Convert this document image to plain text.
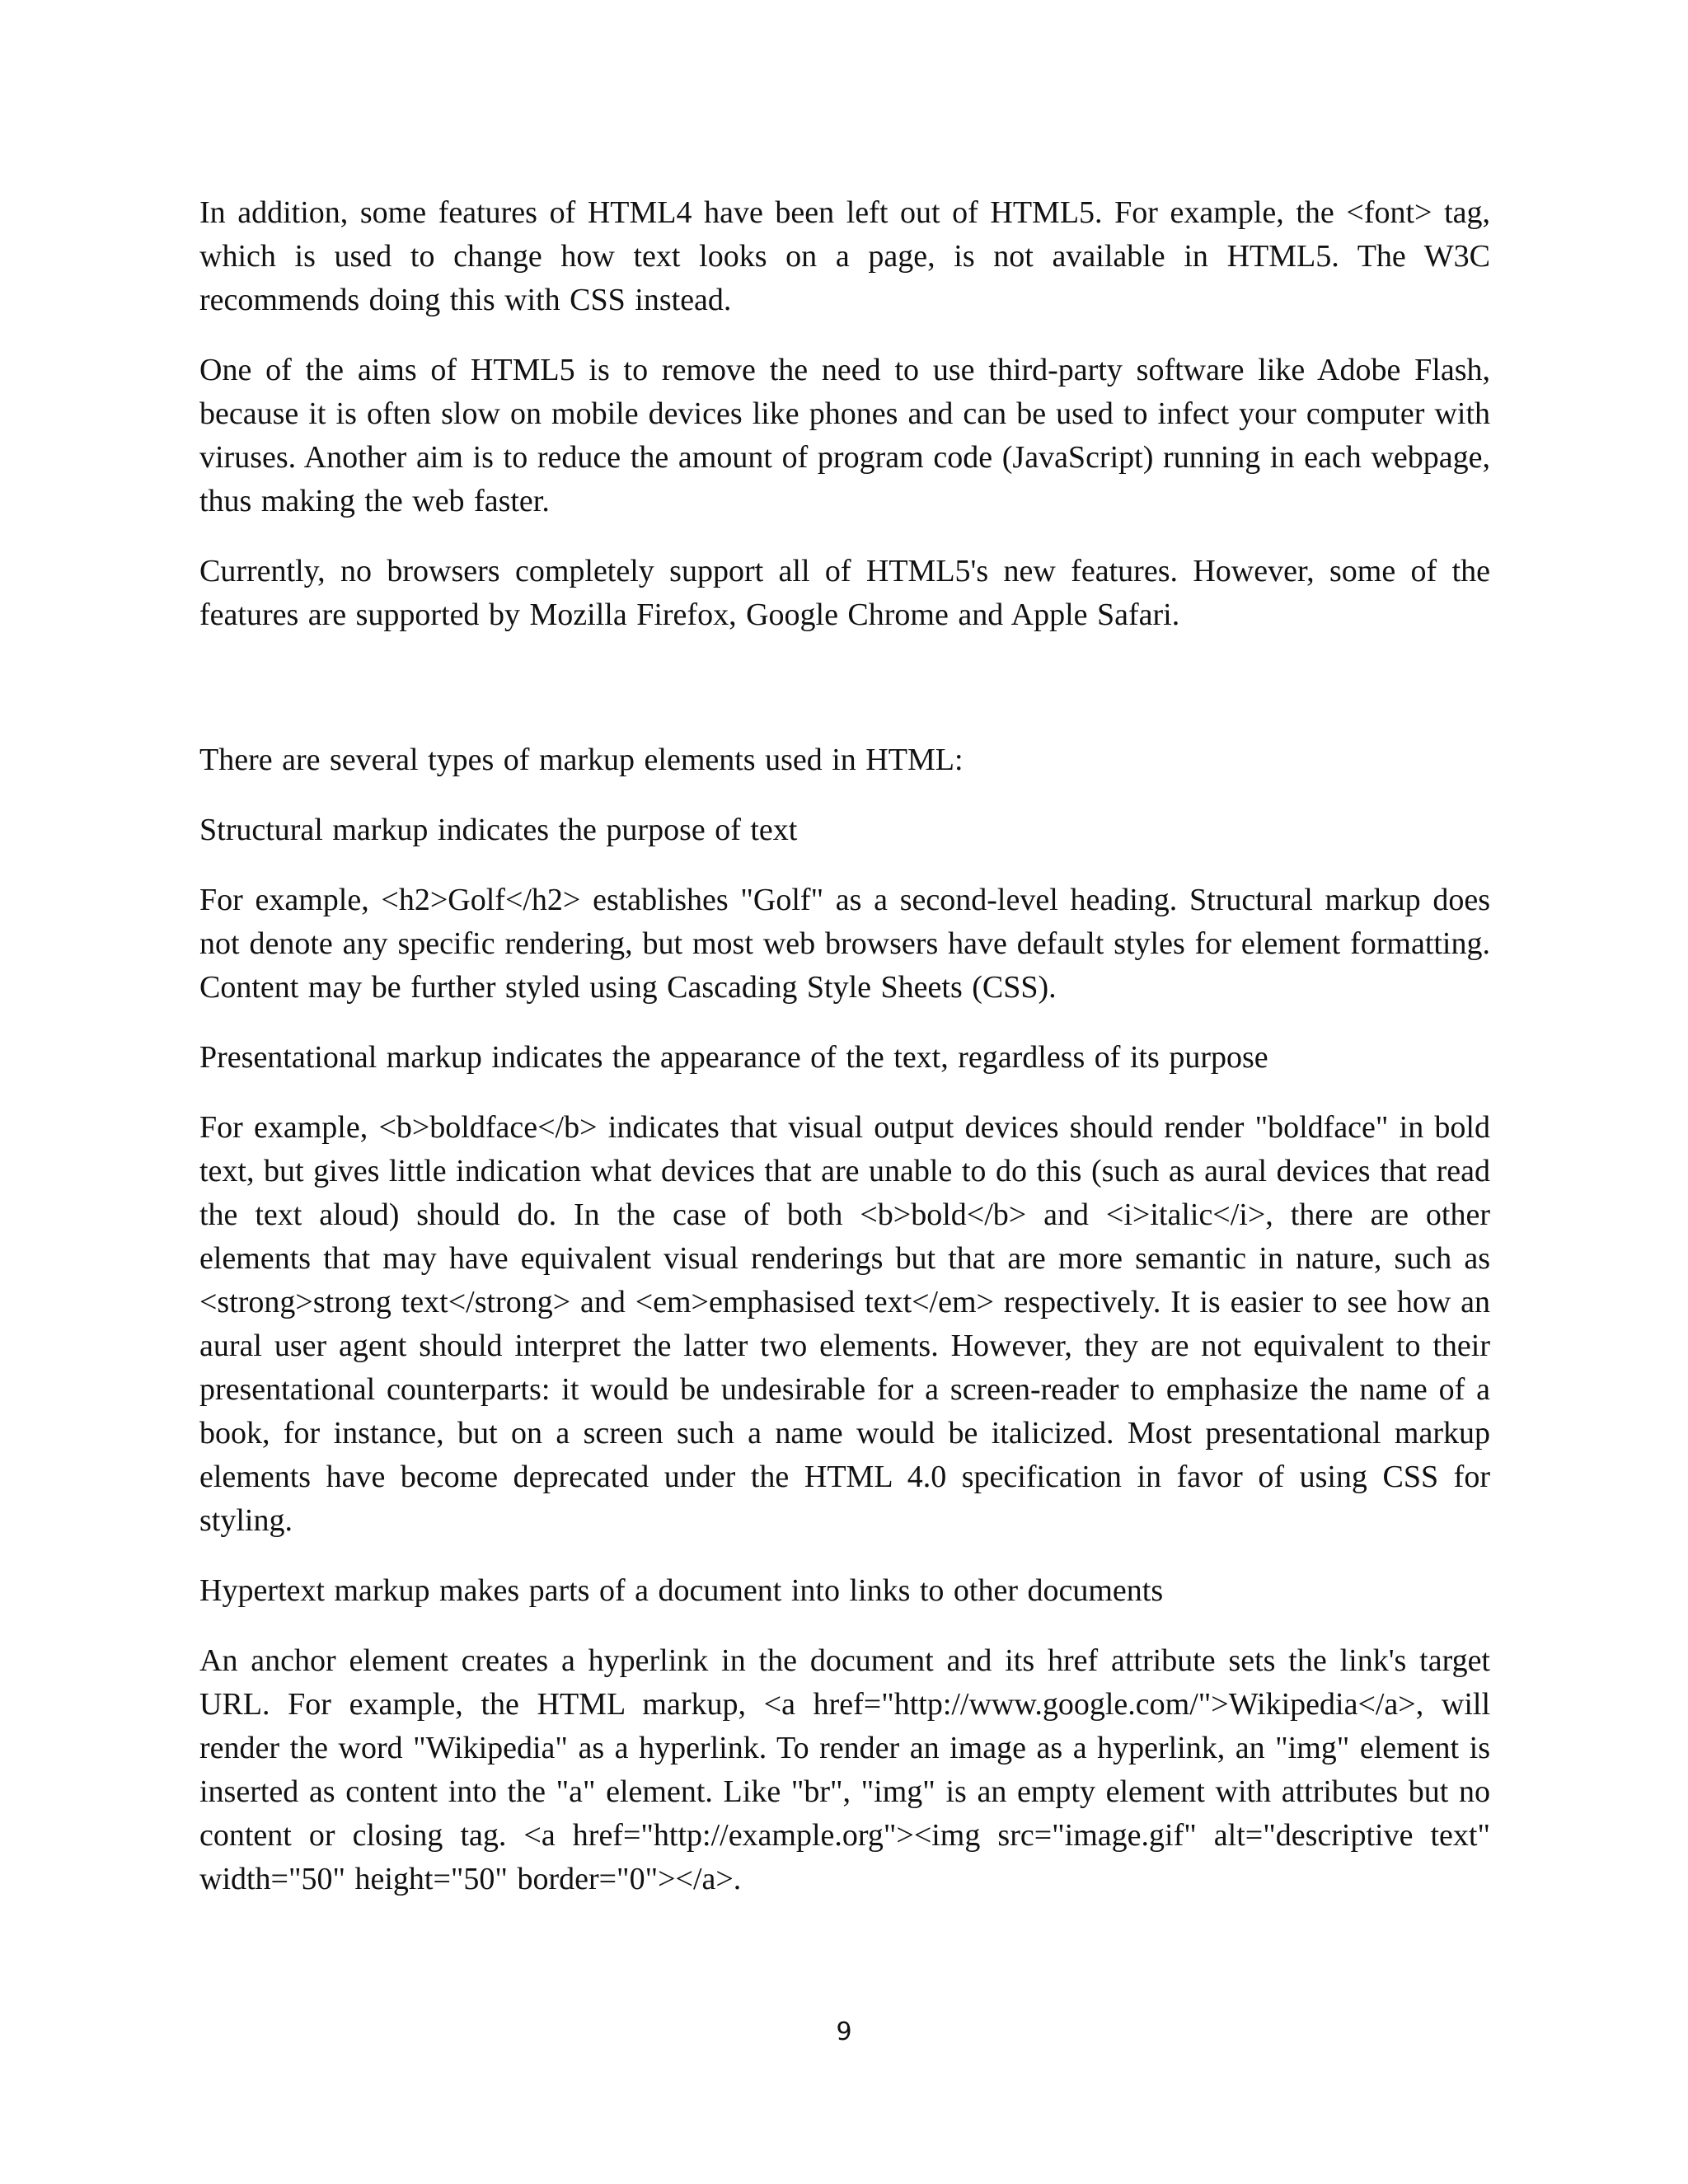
In addition, some features of HTML4 have been left out of HTML5. For example, the <font> tag, which is used to change how text looks on a page, is not available in HTML5. The W3C recommends doing this with CSS instead.

One of the aims of HTML5 is to remove the need to use third-party software like Adobe Flash, because it is often slow on mobile devices like phones and can be used to infect your computer with viruses. Another aim is to reduce the amount of program code (JavaScript) running in each webpage, thus making the web faster.

Currently, no browsers completely support all of HTML5's new features. However, some of the features are supported by Mozilla Firefox, Google Chrome and Apple Safari.

There are several types of markup elements used in HTML:

Structural markup indicates the purpose of text

For example, <h2>Golf</h2> establishes "Golf" as a second-level heading. Structural markup does not denote any specific rendering, but most web browsers have default styles for element formatting. Content may be further styled using Cascading Style Sheets (CSS).

Presentational markup indicates the appearance of the text, regardless of its purpose

For example, <b>boldface</b> indicates that visual output devices should render "boldface" in bold text, but gives little indication what devices that are unable to do this (such as aural devices that read the text aloud) should do. In the case of both <b>bold</b> and <i>italic</i>, there are other elements that may have equivalent visual renderings but that are more semantic in nature, such as <strong>strong text</strong> and <em>emphasised text</em> respectively. It is easier to see how an aural user agent should interpret the latter two elements. However, they are not equivalent to their presentational counterparts: it would be undesirable for a screen-reader to emphasize the name of a book, for instance, but on a screen such a name would be italicized. Most presentational markup elements have become deprecated under the HTML 4.0 specification in favor of using CSS for styling.

Hypertext markup makes parts of a document into links to other documents

An anchor element creates a hyperlink in the document and its href attribute sets the link's target URL. For example, the HTML markup, <a href="http://www.google.com/">Wikipedia</a>, will render the word "Wikipedia" as a hyperlink. To render an image as a hyperlink, an "img" element is inserted as content into the "a" element. Like "br", "img" is an empty element with attributes but no content or closing tag. <a href="http://example.org"><img src="image.gif" alt="descriptive text" width="50" height="50" border="0"></a>.

9
